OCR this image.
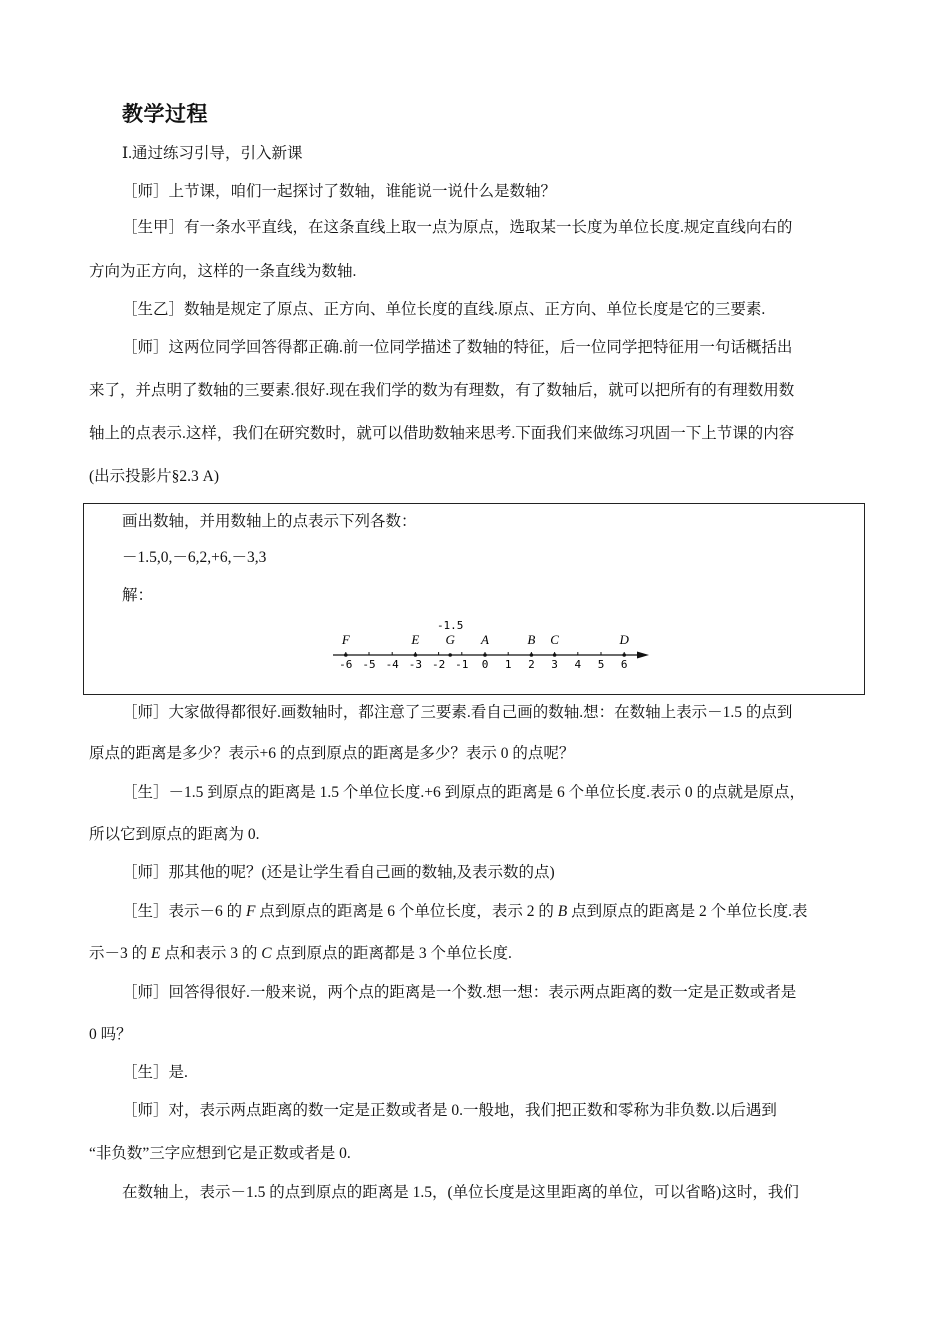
教学过程
Ⅰ.通过练习引导，引入新课
［师］上节课，咱们一起探讨了数轴，谁能说一说什么是数轴？
［生甲］有一条水平直线，在这条直线上取一点为原点，选取某一长度为单位长度.规定直线向右的
方向为正方向，这样的一条直线为数轴.
［生乙］数轴是规定了原点、正方向、单位长度的直线.原点、正方向、单位长度是它的三要素.
［师］这两位同学回答得都正确.前一位同学描述了数轴的特征，后一位同学把特征用一句话概括出
来了，并点明了数轴的三要素.很好.现在我们学的数为有理数，有了数轴后，就可以把所有的有理数用数
轴上的点表示.这样，我们在研究数时，就可以借助数轴来思考.下面我们来做练习巩固一下上节课的内容
(出示投影片§2.3 A)
画出数轴，并用数轴上的点表示下列各数：
－1.5,0,－6,2,+6,－3,3
解：
-6 -5 -4 -3 -2 -1 0 1 2 3 4 5 6
F	E G A	B C	D
-1.5
［师］大家做得都很好.画数轴时，都注意了三要素.看自己画的数轴.想：在数轴上表示－1.5 的点到
原点的距离是多少？表示+6 的点到原点的距离是多少？表示 0 的点呢？
［生］－1.5 到原点的距离是 1.5 个单位长度.+6 到原点的距离是 6 个单位长度.表示 0 的点就是原点，
所以它到原点的距离为 0.
［师］那其他的呢？(还是让学生看自己画的数轴,及表示数的点)
［生］表示－6 的 F 点到原点的距离是 6 个单位长度，表示 2 的 B 点到原点的距离是 2 个单位长度.表
示－3 的 E 点和表示 3 的 C 点到原点的距离都是 3 个单位长度.
［师］回答得很好.一般来说，两个点的距离是一个数.想一想：表示两点距离的数一定是正数或者是
0 吗？
［生］是.
［师］对，表示两点距离的数一定是正数或者是 0.一般地，我们把正数和零称为非负数.以后遇到
“非负数”三字应想到它是正数或者是 0.
在数轴上，表示－1.5 的点到原点的距离是 1.5，(单位长度是这里距离的单位，可以省略)这时，我们
